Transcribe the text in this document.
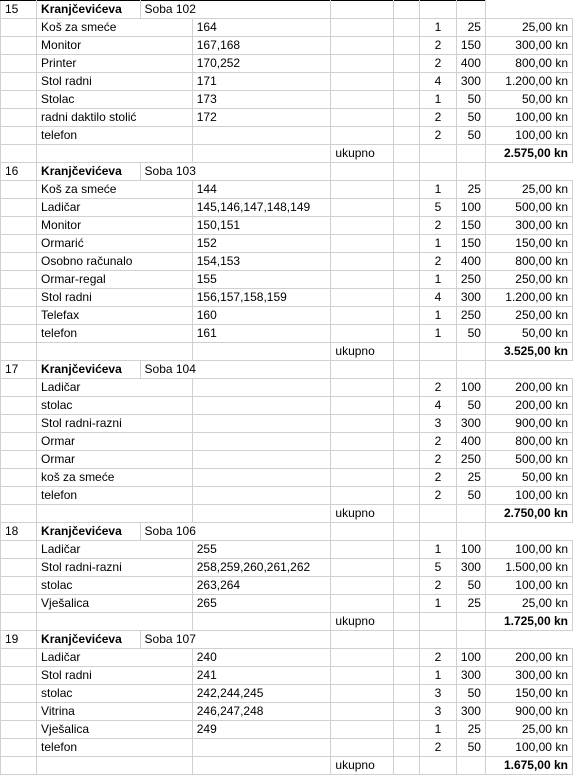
15	Kranjčevićeva	Soba 102						
	Koš za smeće		164			1	25	25,00 kn
	Monitor		167,168			2	150	300,00 kn
	Printer		170,252			2	400	800,00 kn
	Stol radni		171			4	300	1.200,00 kn
	Stolac		173			1	50	50,00 kn
	radni daktilo stolić		172			2	50	100,00 kn
	telefon					2	50	100,00 kn
				ukupno				2.575,00 kn
16	Kranjčevićeva	Soba 103						
	Koš za smeće		144			1	25	25,00 kn
	Ladičar		145,146,147,148,149			5	100	500,00 kn
	Monitor		150,151			2	150	300,00 kn
	Ormarić		152			1	150	150,00 kn
	Osobno računalo		154,153			2	400	800,00 kn
	Ormar-regal		155			1	250	250,00 kn
	Stol radni		156,157,158,159			4	300	1.200,00 kn
	Telefax		160			1	250	250,00 kn
	telefon		161			1	50	50,00 kn
				ukupno				3.525,00 kn
17	Kranjčevićeva	Soba 104						
	Ladičar					2	100	200,00 kn
	stolac					4	50	200,00 kn
	Stol radni-razni					3	300	900,00 kn
	Ormar					2	400	800,00 kn
	Ormar					2	250	500,00 kn
	koš za smeće					2	25	50,00 kn
	telefon					2	50	100,00 kn
				ukupno				2.750,00 kn
18	Kranjčevićeva	Soba 106						
	Ladičar		255			1	100	100,00 kn
	Stol radni-razni		258,259,260,261,262			5	300	1.500,00 kn
	stolac		263,264			2	50	100,00 kn
	Vješalica		265			1	25	25,00 kn
				ukupno				1.725,00 kn
19	Kranjčevićeva	Soba 107						
	Ladičar		240			2	100	200,00 kn
	Stol radni		241			1	300	300,00 kn
	stolac		242,244,245			3	50	150,00 kn
	Vitrina		246,247,248			3	300	900,00 kn
	Vješalica		249			1	25	25,00 kn
	telefon					2	50	100,00 kn
				ukupno				1.675,00 kn
